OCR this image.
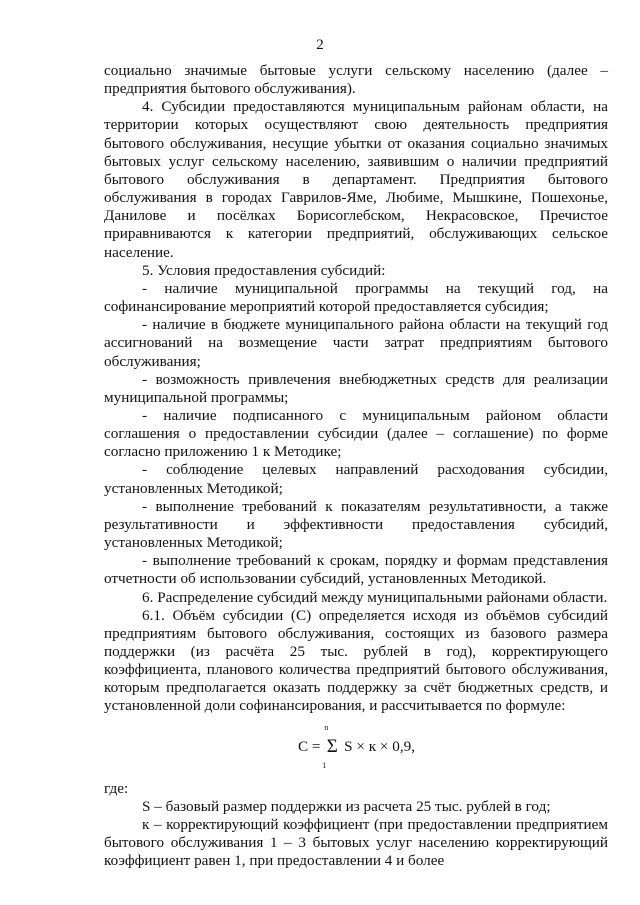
2

социально значимые бытовые услуги сельскому населению (далее – предприятия бытового обслуживания).

4. Субсидии предоставляются муниципальным районам области, на территории которых осуществляют свою деятельность предприятия бытового обслуживания, несущие убытки от оказания социально значимых бытовых услуг сельскому населению, заявившим о наличии предприятий бытового обслуживания в департамент. Предприятия бытового обслуживания в городах Гаврилов-Яме, Любиме, Мышкине, Пошехонье, Данилове и посёлках Борисоглебском, Некрасовское, Пречистое приравниваются к категории предприятий, обслуживающих сельское население.

5. Условия предоставления субсидий:

- наличие муниципальной программы на текущий год, на софинансирование мероприятий которой предоставляется субсидия;

- наличие в бюджете муниципального района области на текущий год ассигнований на возмещение части затрат предприятиям бытового обслуживания;

- возможность привлечения внебюджетных средств для реализации муниципальной программы;

- наличие подписанного с муниципальным районом области соглашения о предоставлении субсидии (далее – соглашение) по форме согласно приложению 1 к Методике;

- соблюдение целевых направлений расходования субсидии, установленных Методикой;

- выполнение требований к показателям результативности, а также результативности и эффективности предоставления субсидий, установленных Методикой;

- выполнение требований к срокам, порядку и формам представления отчетности об использовании субсидий, установленных Методикой.

6. Распределение субсидий между муниципальными районами области.

6.1. Объём субсидии (С) определяется исходя из объёмов субсидий предприятиям бытового обслуживания, состоящих из базового размера поддержки (из расчёта 25 тыс. рублей в год), корректирующего коэффициента, планового количества предприятий бытового обслуживания, которым предполагается оказать поддержку за счёт бюджетных средств, и установленной доли софинансирования, и рассчитывается по формуле:

С =
n
Σ
1
S × к × 0,9,

где:

S – базовый размер поддержки из расчета 25 тыс. рублей в год;

к – корректирующий коэффициент (при предоставлении предприятием бытового обслуживания 1 – 3 бытовых услуг населению корректирующий коэффициент равен 1, при предоставлении 4 и более
